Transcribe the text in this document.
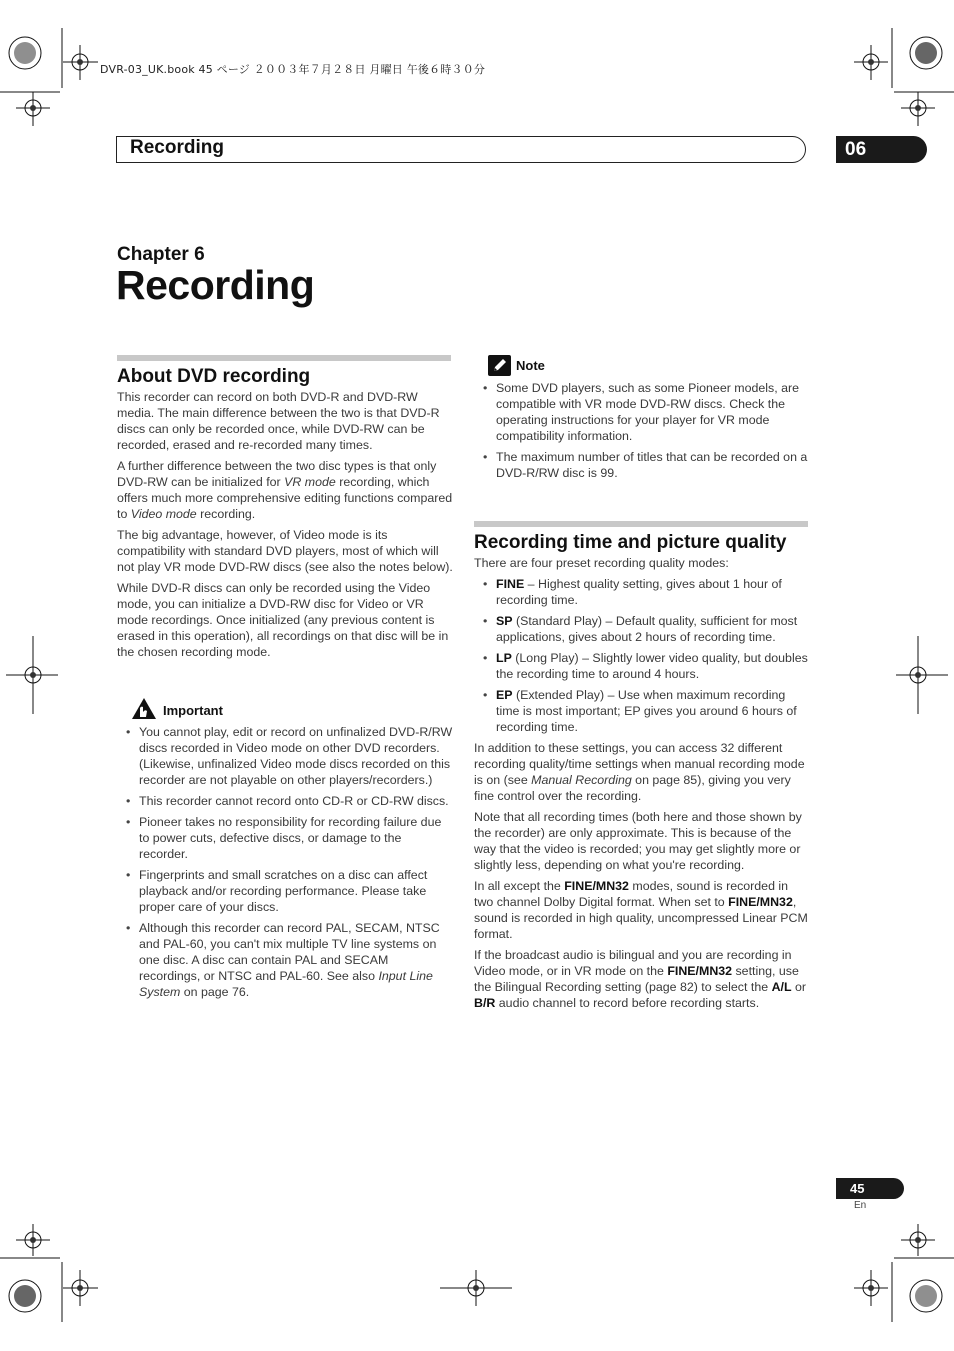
DVR-03_UK.book 45 ページ ２００３年７月２８日 月曜日 午後６時３０分
Recording	06
Chapter 6
Recording
About DVD recording

This recorder can record on both DVD-R and DVD-RW media. The main difference between the two is that DVD-R discs can only be recorded once, while DVD-RW can be recorded, erased and re-recorded many times.

A further difference between the two disc types is that only DVD-RW can be initialized for VR mode recording, which offers much more comprehensive editing functions compared to Video mode recording.

The big advantage, however, of Video mode is its compatibility with standard DVD players, most of which will not play VR mode DVD-RW discs (see also the notes below).

While DVD-R discs can only be recorded using the Video mode, you can initialize a DVD-RW disc for Video or VR mode recordings. Once initialized (any previous content is erased in this operation), all recordings on that disc will be in the chosen recording mode.

Important
• You cannot play, edit or record on unfinalized DVD-R/RW discs recorded in Video mode on other DVD recorders. (Likewise, unfinalized Video mode discs recorded on this recorder are not playable on other players/recorders.)
• This recorder cannot record onto CD-R or CD-RW discs.
• Pioneer takes no responsibility for recording failure due to power cuts, defective discs, or damage to the recorder.
• Fingerprints and small scratches on a disc can affect playback and/or recording performance. Please take proper care of your discs.
• Although this recorder can record PAL, SECAM, NTSC and PAL-60, you can't mix multiple TV line systems on one disc. A disc can contain PAL and SECAM recordings, or NTSC and PAL-60. See also Input Line System on page 76.
Note
• Some DVD players, such as some Pioneer models, are compatible with VR mode DVD-RW discs. Check the operating instructions for your player for VR mode compatibility information.
• The maximum number of titles that can be recorded on a DVD-R/RW disc is 99.
Recording time and picture quality

There are four preset recording quality modes:

• FINE – Highest quality setting, gives about 1 hour of recording time.
• SP (Standard Play) – Default quality, sufficient for most applications, gives about 2 hours of recording time.
• LP (Long Play) – Slightly lower video quality, but doubles the recording time to around 4 hours.
• EP (Extended Play) – Use when maximum recording time is most important; EP gives you around 6 hours of recording time.

In addition to these settings, you can access 32 different recording quality/time settings when manual recording mode is on (see Manual Recording on page 85), giving you very fine control over the recording.

Note that all recording times (both here and those shown by the recorder) are only approximate. This is because of the way that the video is recorded; you may get slightly more or slightly less, depending on what you're recording.

In all except the FINE/MN32 modes, sound is recorded in two channel Dolby Digital format. When set to FINE/MN32, sound is recorded in high quality, uncompressed Linear PCM format.

If the broadcast audio is bilingual and you are recording in Video mode, or in VR mode on the FINE/MN32 setting, use the Bilingual Recording setting (page 82) to select the A/L or B/R audio channel to record before recording starts.

45
En
